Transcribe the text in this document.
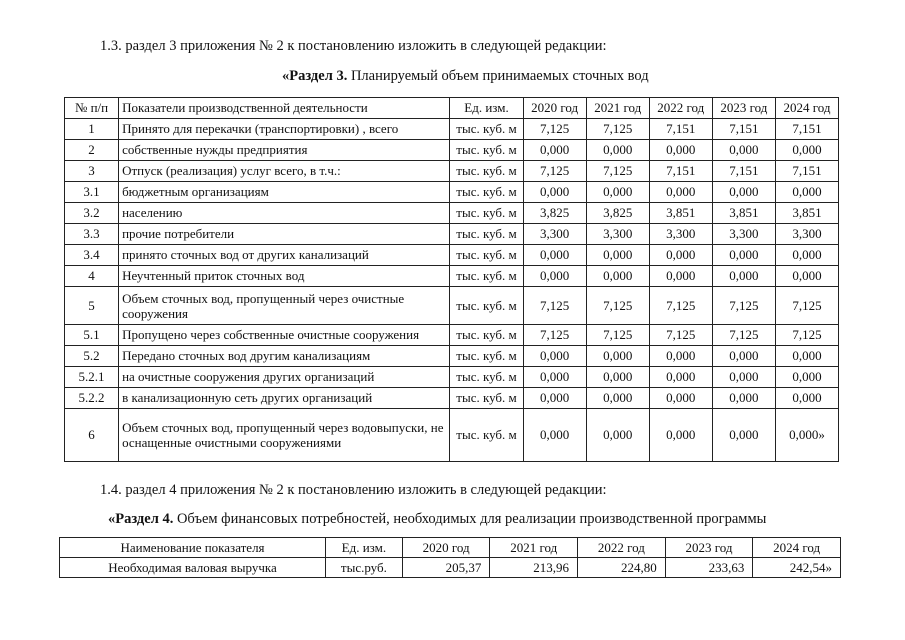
1.3. раздел 3 приложения № 2 к постановлению изложить в следующей редакции:
«Раздел 3. Планируемый объем принимаемых сточных вод
№ п/п	Показатели производственной деятельности	Ед. изм.	2020 год	2021 год	2022 год	2023 год	2024 год
1	Принято для перекачки (транспортировки) , всего	тыс. куб. м	7,125	7,125	7,151	7,151	7,151
2	собственные нужды предприятия	тыс. куб. м	0,000	0,000	0,000	0,000	0,000
3	Отпуск (реализация) услуг всего, в т.ч.:	тыс. куб. м	7,125	7,125	7,151	7,151	7,151
3.1	бюджетным организациям	тыс. куб. м	0,000	0,000	0,000	0,000	0,000
3.2	населению	тыс. куб. м	3,825	3,825	3,851	3,851	3,851
3.3	прочие потребители	тыс. куб. м	3,300	3,300	3,300	3,300	3,300
3.4	принято сточных вод от других канализаций	тыс. куб. м	0,000	0,000	0,000	0,000	0,000
4	Неучтенный приток сточных вод	тыс. куб. м	0,000	0,000	0,000	0,000	0,000
5	Объем сточных вод, пропущенный через очистные сооружения	тыс. куб. м	7,125	7,125	7,125	7,125	7,125
5.1	Пропущено через собственные очистные сооружения	тыс. куб. м	7,125	7,125	7,125	7,125	7,125
5.2	Передано сточных вод другим канализациям	тыс. куб. м	0,000	0,000	0,000	0,000	0,000
5.2.1	на очистные сооружения других организаций	тыс. куб. м	0,000	0,000	0,000	0,000	0,000
5.2.2	в канализационную сеть других организаций	тыс. куб. м	0,000	0,000	0,000	0,000	0,000
6	Объем сточных вод, пропущенный через водовыпуски, не оснащенные очистными сооружениями	тыс. куб. м	0,000	0,000	0,000	0,000	0,000»
1.4. раздел 4 приложения № 2 к постановлению изложить в следующей редакции:
«Раздел 4. Объем финансовых потребностей, необходимых для реализации производственной программы
Наименование показателя	Ед. изм.	2020 год	2021 год	2022 год	2023 год	2024 год
Необходимая валовая выручка	тыс.руб.	205,37	213,96	224,80	233,63	242,54»
